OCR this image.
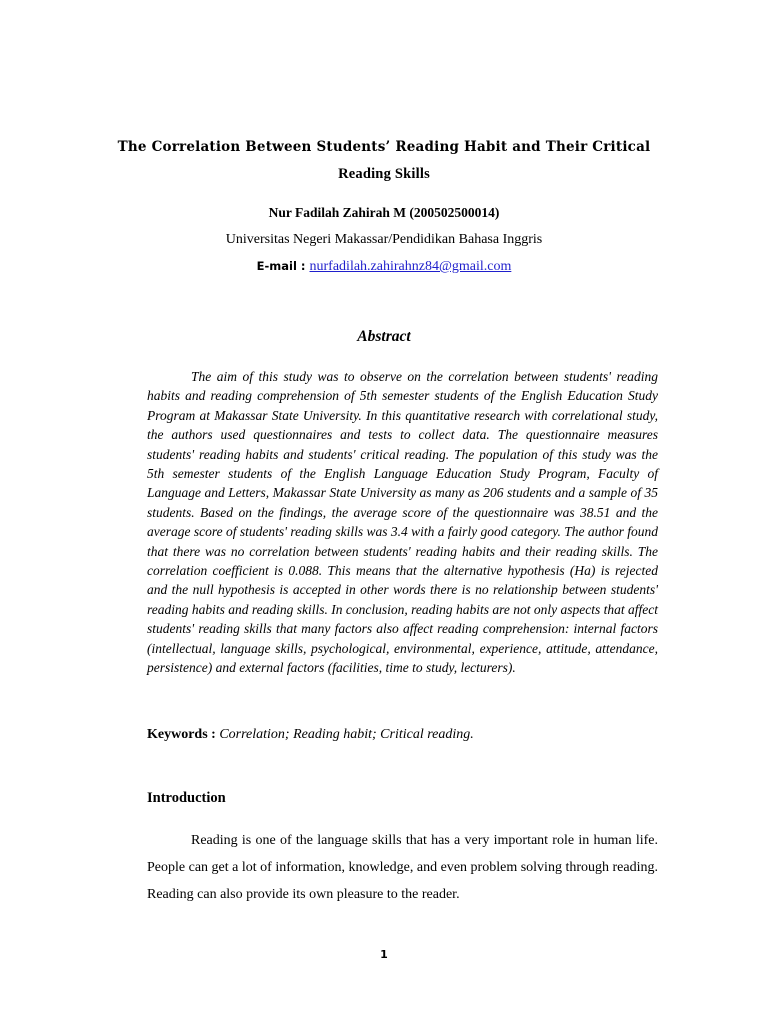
The Correlation Between Students’ Reading Habit and Their Critical
Reading Skills
Nur Fadilah Zahirah M (200502500014)
Universitas Negeri Makassar/Pendidikan Bahasa Inggris
E-mail : nurfadilah.zahirahnz84@gmail.com
Abstract
The aim of this study was to observe on the correlation between students' reading habits and reading comprehension of 5th semester students of the English Education Study Program at Makassar State University. In this quantitative research with correlational study, the authors used questionnaires and tests to collect data. The questionnaire measures students' reading habits and students' critical reading. The population of this study was the 5th semester students of the English Language Education Study Program, Faculty of Language and Letters, Makassar State University as many as 206 students and a sample of 35 students. Based on the findings, the average score of the questionnaire was 38.51 and the average score of students' reading skills was 3.4 with a fairly good category. The author found that there was no correlation between students' reading habits and their reading skills. The correlation coefficient is 0.088. This means that the alternative hypothesis (Ha) is rejected and the null hypothesis is accepted in other words there is no relationship between students' reading habits and reading skills. In conclusion, reading habits are not only aspects that affect students' reading skills that many factors also affect reading comprehension: internal factors (intellectual, language skills, psychological, environmental, experience, attitude, attendance, persistence) and external factors (facilities, time to study, lecturers).
Keywords : Correlation; Reading habit; Critical reading.
Introduction
Reading is one of the language skills that has a very important role in human life. People can get a lot of information, knowledge, and even problem solving through reading. Reading can also provide its own pleasure to the reader.
1
